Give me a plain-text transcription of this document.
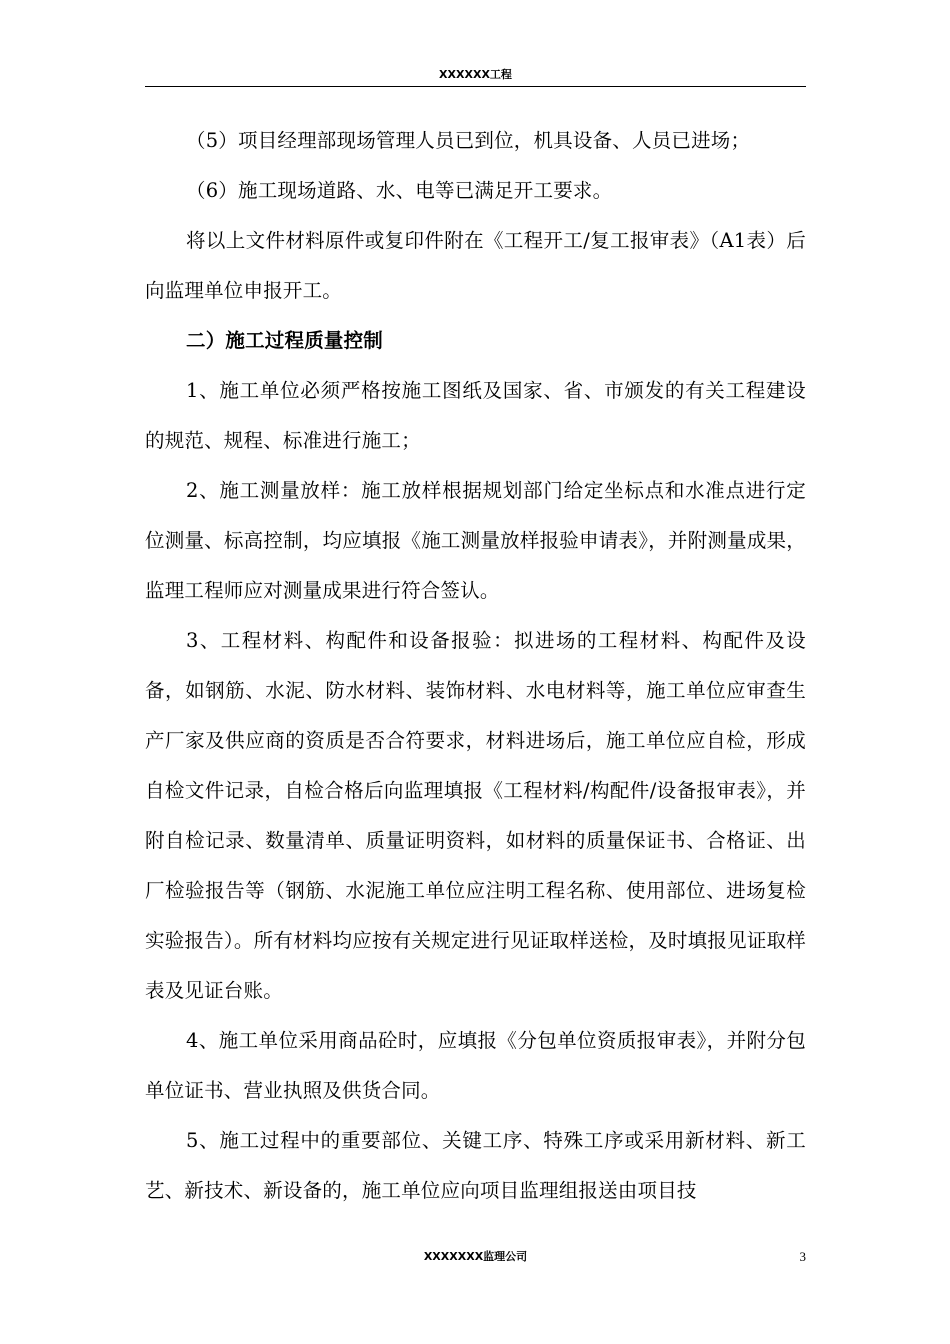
XXXXXX工程

（5）项目经理部现场管理人员已到位，机具设备、人员已进场；

（6）施工现场道路、水、电等已满足开工要求。

将以上文件材料原件或复印件附在《工程开工/复工报审表》（A1表）后向监理单位申报开工。

二）施工过程质量控制

1、施工单位必须严格按施工图纸及国家、省、市颁发的有关工程建设的规范、规程、标准进行施工；

2、施工测量放样：施工放样根据规划部门给定坐标点和水准点进行定位测量、标高控制，均应填报《施工测量放样报验申请表》，并附测量成果，监理工程师应对测量成果进行符合签认。

3、工程材料、构配件和设备报验：拟进场的工程材料、构配件及设备，如钢筋、水泥、防水材料、装饰材料、水电材料等，施工单位应审查生产厂家及供应商的资质是否合符要求，材料进场后，施工单位应自检，形成自检文件记录，自检合格后向监理填报《工程材料/构配件/设备报审表》，并附自检记录、数量清单、质量证明资料，如材料的质量保证书、合格证、出厂检验报告等（钢筋、水泥施工单位应注明工程名称、使用部位、进场复检实验报告）。所有材料均应按有关规定进行见证取样送检，及时填报见证取样表及见证台账。

4、施工单位采用商品砼时，应填报《分包单位资质报审表》，并附分包单位证书、营业执照及供货合同。

5、施工过程中的重要部位、关键工序、特殊工序或采用新材料、新工艺、新技术、新设备的，施工单位应向项目监理组报送由项目技

XXXXXXX监理公司	3
